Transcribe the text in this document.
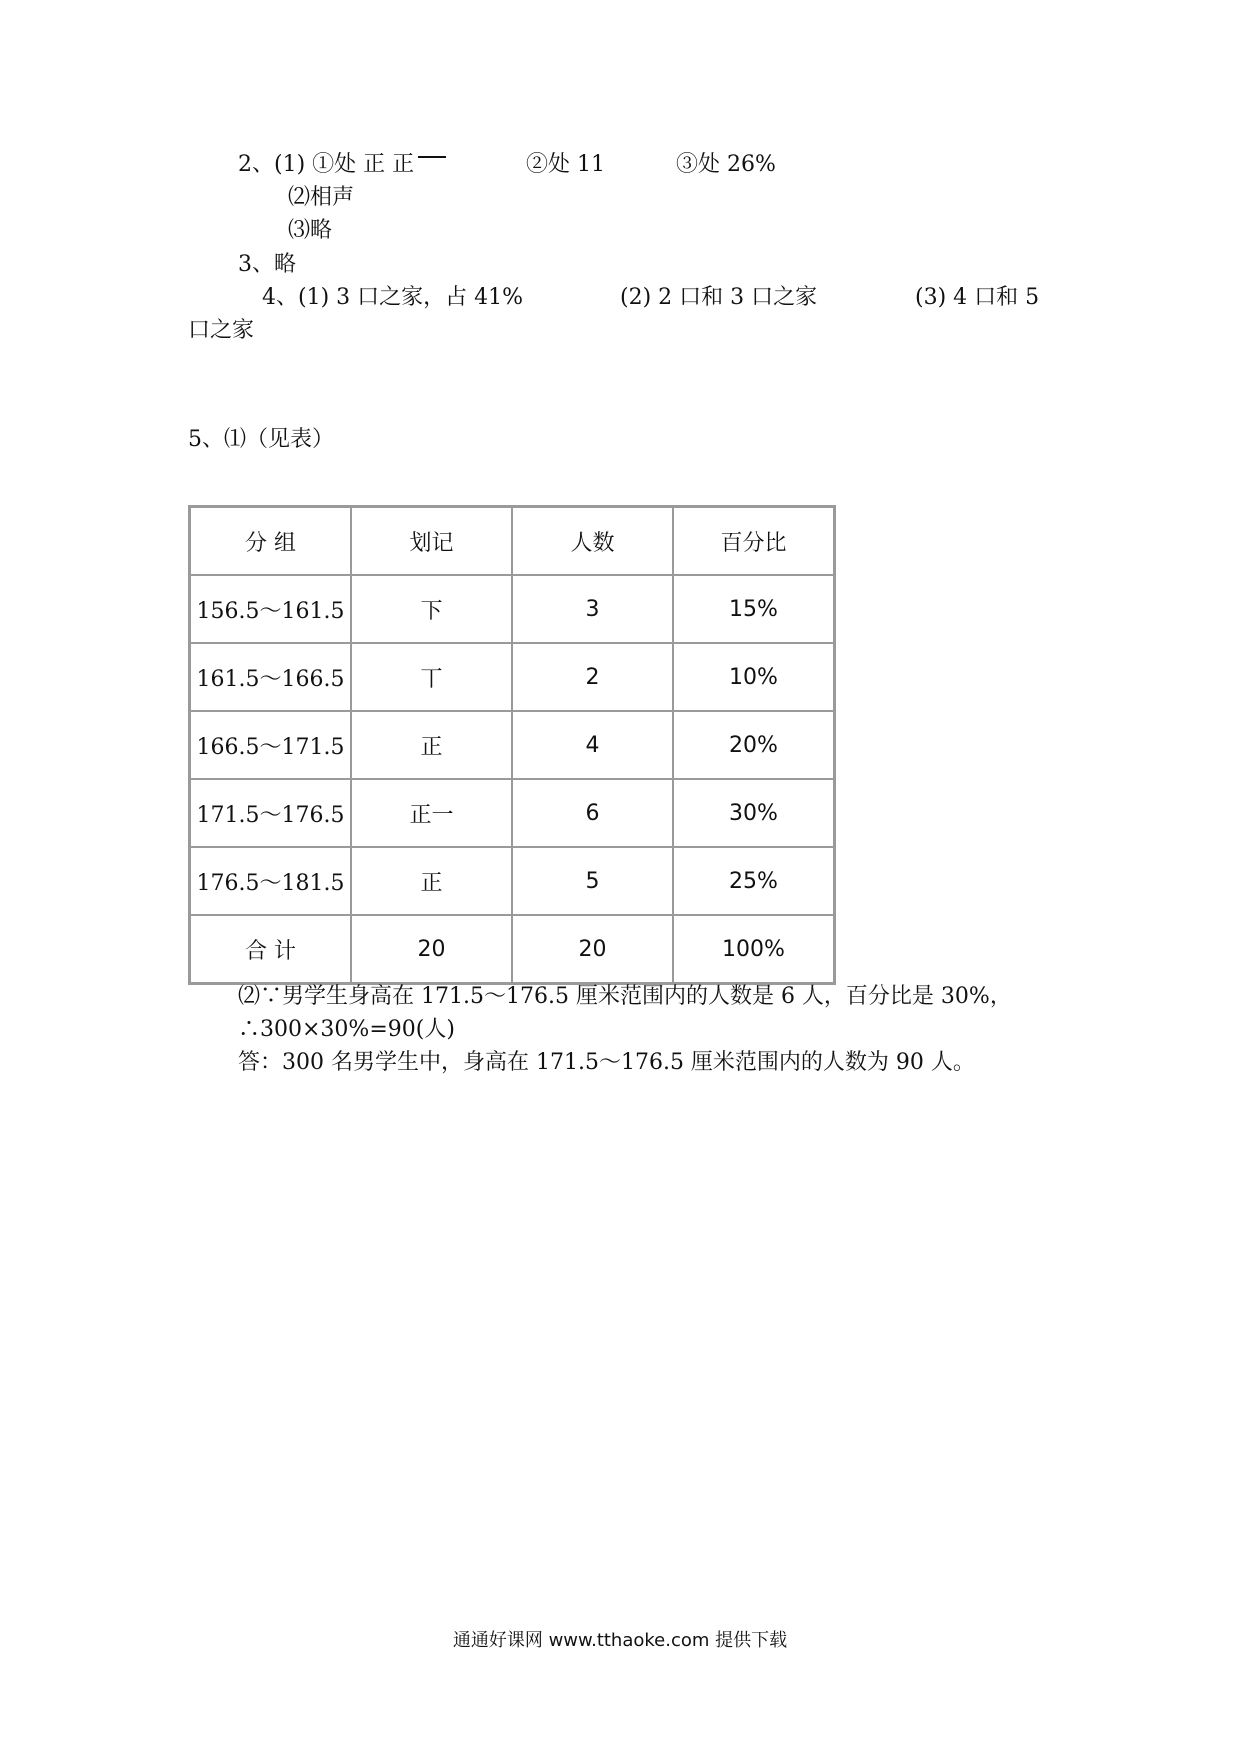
2、(1) ①处 正 正	②处 11	③处 26%
⑵相声
⑶略
3、略
4、(1) 3 口之家，占 41%	(2) 2 口和 3 口之家	(3) 4 口和 5
口之家
5、⑴（见表）
分 组	划记	人数	百分比
156.5～161.5	下	3	15%
161.5～166.5	丅	2	10%
166.5～171.5	正	4	20%
171.5～176.5	正一	6	30%
176.5～181.5	正	5	25%
合 计	20	20	100%
⑵∵男学生身高在 171.5～176.5 厘米范围内的人数是 6 人，百分比是 30%，
∴300×30%=90(人)
答：300 名男学生中，身高在 171.5～176.5 厘米范围内的人数为 90 人。
通通好课网 www.tthaoke.com 提供下载
